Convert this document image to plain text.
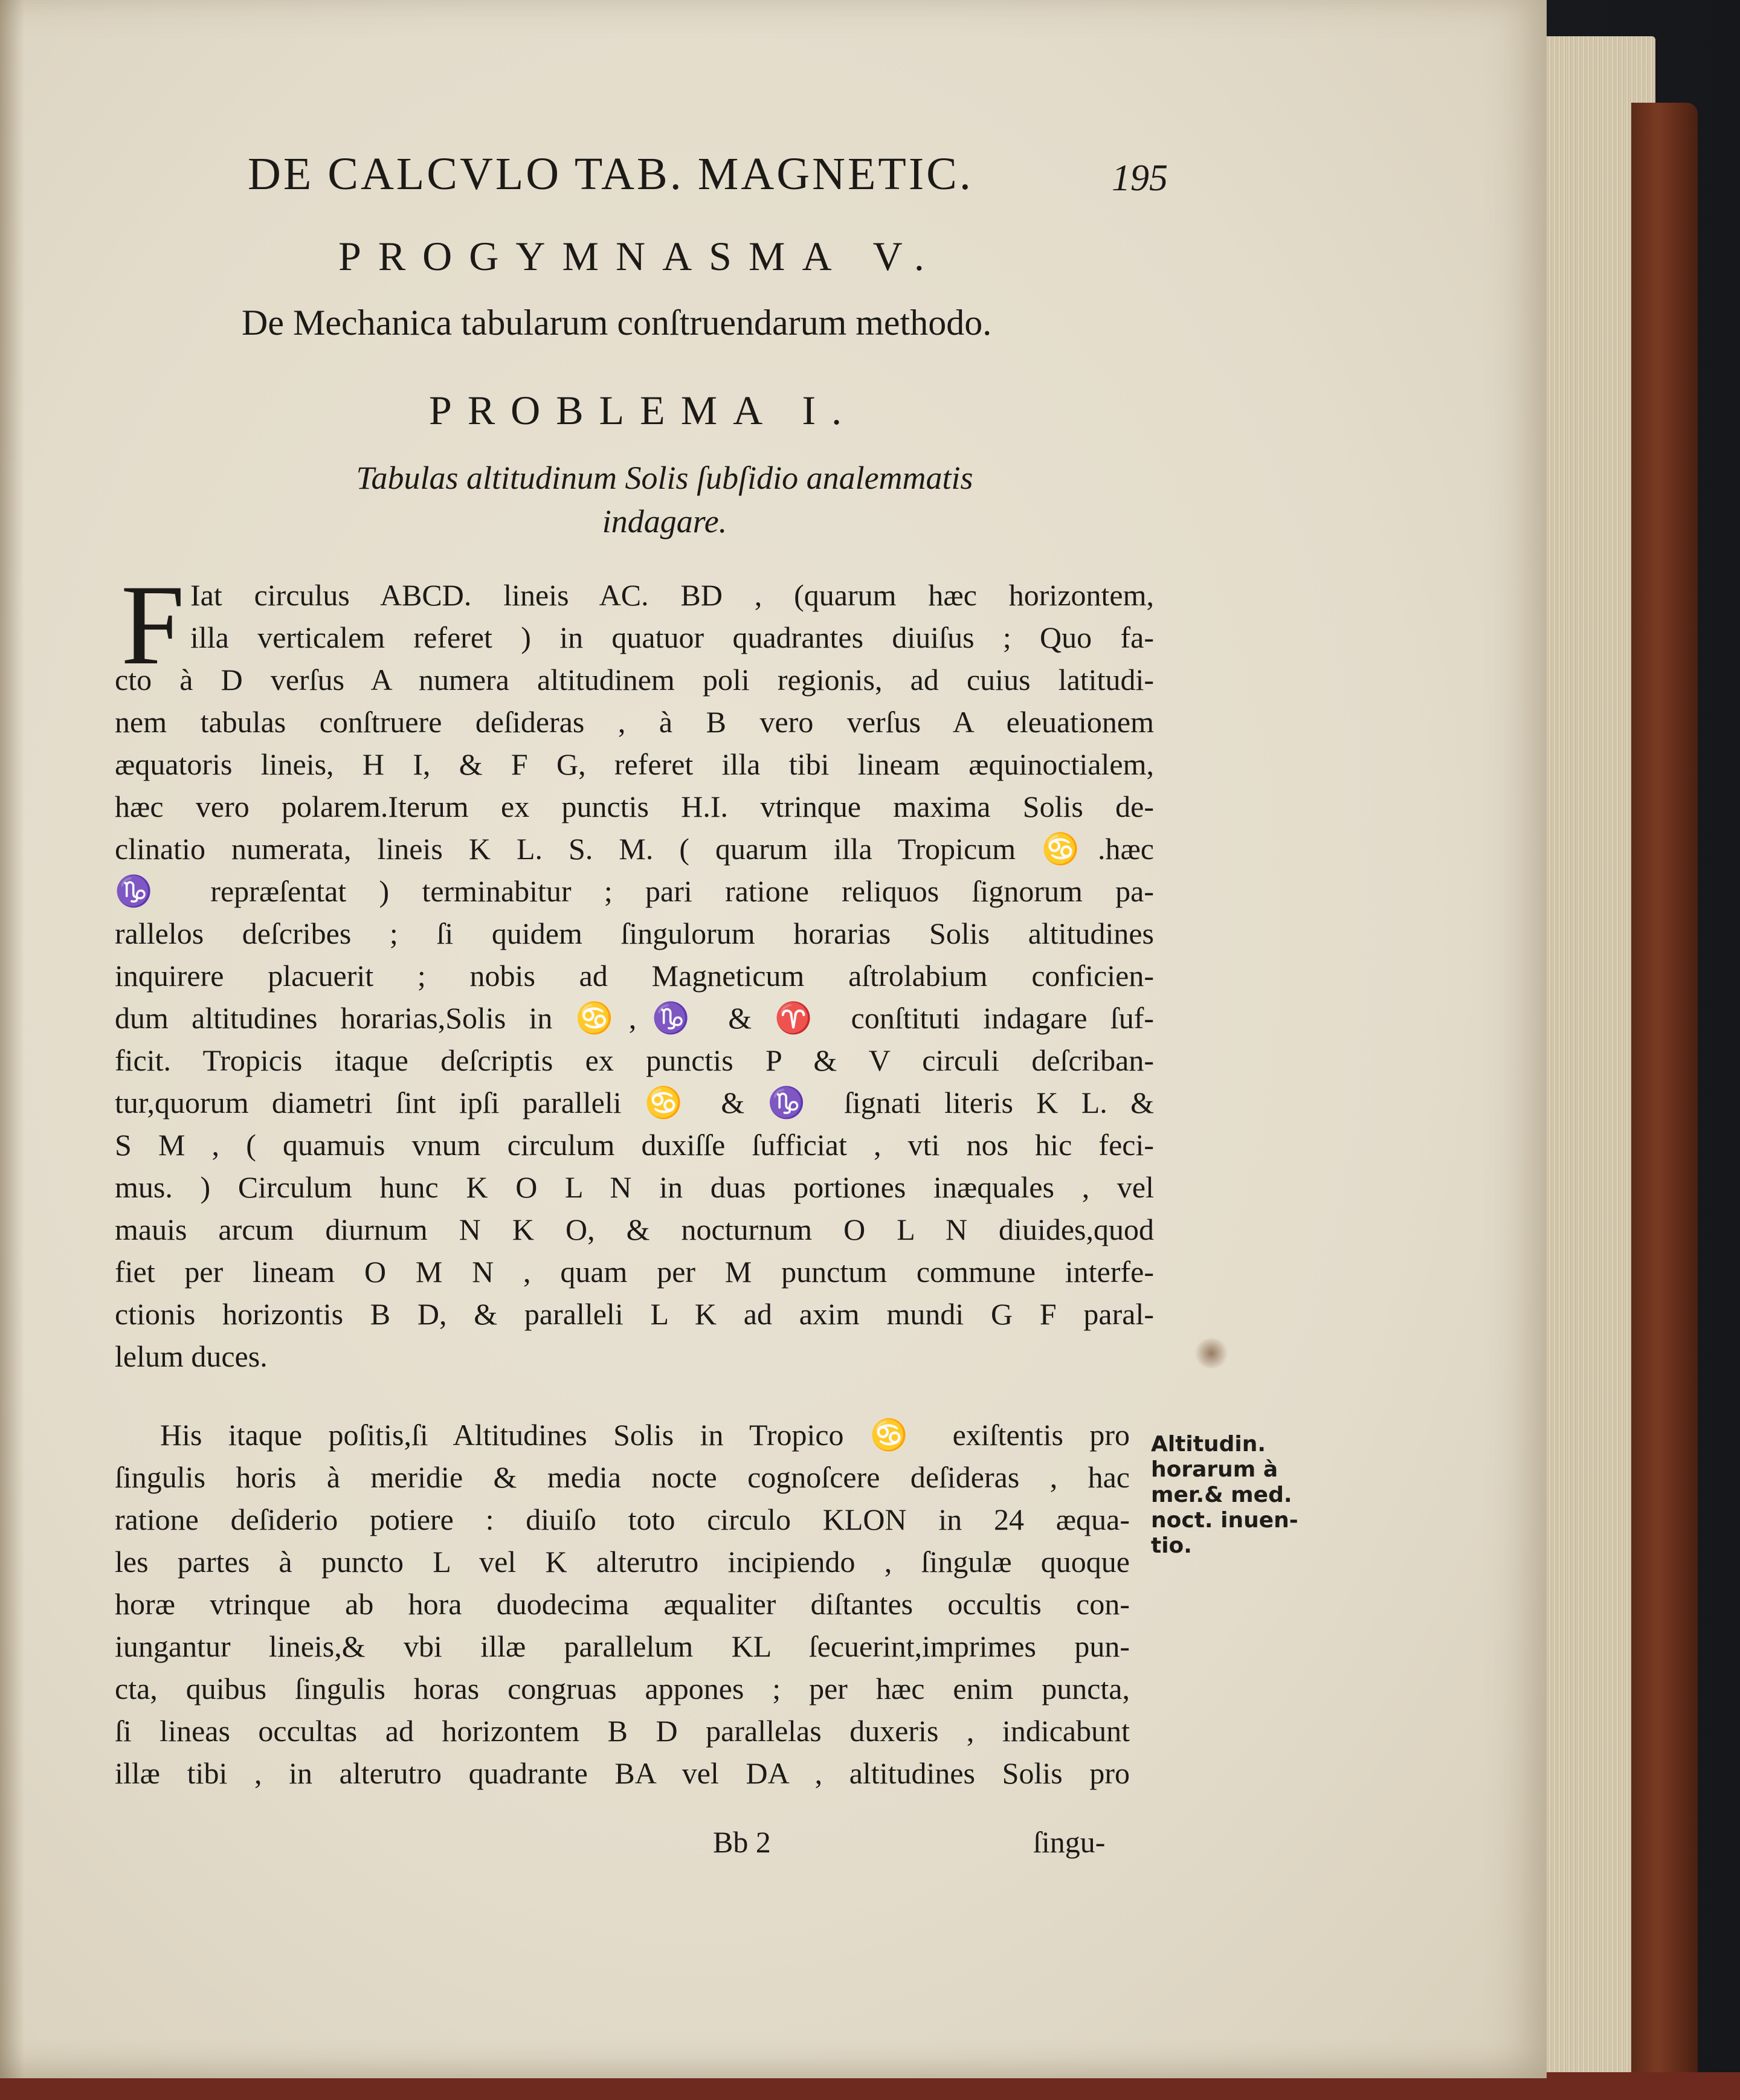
DE CALCVLO TAB. MAGNETIC.	195
PROGYMNASMA V.
De Mechanica tabularum conſtruendarum methodo.
PROBLEMA I.
Tabulas altitudinum Solis ſubſidio analemmatis indagare.
F Iat circulus ABCD. lineis AC. BD , (quarum hæc horizontem,
illa verticalem referet ) in quatuor quadrantes diuiſus ; Quo fa-
cto à D verſus A numera altitudinem poli regionis, ad cuius latitudi-
nem tabulas conſtruere deſideras , à B vero verſus A eleuationem
æquatoris lineis, H I, & F G, referet illa tibi lineam æquinoctialem,
hæc vero polarem.Iterum ex punctis H.I. vtrinque maxima Solis de-
clinatio numerata, lineis K L. S. M. ( quarum illa Tropicum ♋.hæc
♑ repræſentat ) terminabitur ; pari ratione reliquos ſignorum pa-
rallelos deſcribes ; ſi quidem ſingulorum horarias Solis altitudines
inquirere placuerit ; nobis ad Magneticum aſtrolabium conficien-
dum altitudines horarias,Solis in ♋,♑ & ♈ conſtituti indagare ſuf-
ficit. Tropicis itaque deſcriptis ex punctis P & V circuli deſcriban-
tur,quorum diametri ſint ipſi paralleli ♋ & ♑ ſignati literis K L. &
S M , ( quamuis vnum circulum duxiſſe ſufficiat , vti nos hic feci-
mus. ) Circulum hunc K O L N in duas portiones inæquales , vel
mauis arcum diurnum N K O, & nocturnum O L N diuides,quod
fiet per lineam O M N , quam per M punctum commune interfe-
ctionis horizontis B D, & paralleli L K ad axim mundi G F paral-
lelum duces.
His itaque poſitis,ſi Altitudines Solis in Tropico ♋ exiſtentis pro
ſingulis horis à meridie & media nocte cognoſcere deſideras , hac
ratione deſiderio potiere : diuiſo toto circulo KLON in 24 æqua-
les partes à puncto L vel K alterutro incipiendo , ſingulæ quoque
horæ vtrinque ab hora duodecima æqualiter diſtantes occultis con-
iungantur lineis,& vbi illæ parallelum KL ſecuerint,imprimes pun-
cta, quibus ſingulis horas congruas appones ; per hæc enim puncta,
ſi lineas occultas ad horizontem B D parallelas duxeris , indicabunt
illæ tibi , in alterutro quadrante BA vel DA , altitudines Solis pro
Altitudin.
horarum à
mer.& med.
noct. inuen-
tio.
Bb 2	ſingu-
